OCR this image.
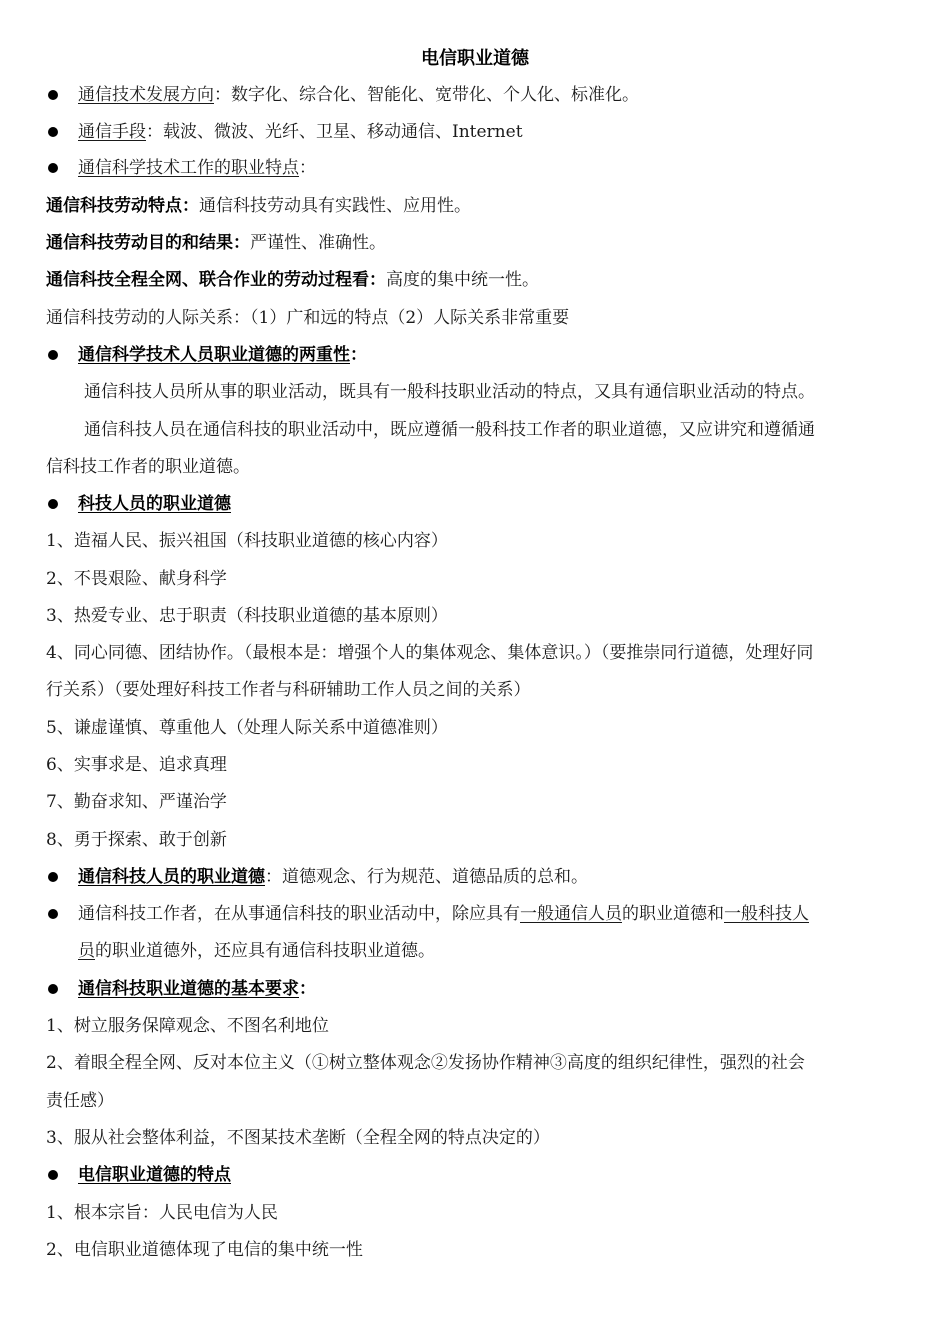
电信职业道德
通信技术发展方向：数字化、综合化、智能化、宽带化、个人化、标准化。
通信手段：载波、微波、光纤、卫星、移动通信、Internet
通信科学技术工作的职业特点：
通信科技劳动特点：通信科技劳动具有实践性、应用性。
通信科技劳动目的和结果：严谨性、准确性。
通信科技全程全网、联合作业的劳动过程看：高度的集中统一性。
通信科技劳动的人际关系：（1）广和远的特点（2）人际关系非常重要
通信科学技术人员职业道德的两重性：
通信科技人员所从事的职业活动，既具有一般科技职业活动的特点，又具有通信职业活动的特点。
通信科技人员在通信科技的职业活动中，既应遵循一般科技工作者的职业道德，又应讲究和遵循通
信科技工作者的职业道德。
科技人员的职业道德
1、造福人民、振兴祖国（科技职业道德的核心内容）
2、不畏艰险、献身科学
3、热爱专业、忠于职责（科技职业道德的基本原则）
4、同心同德、团结协作。（最根本是：增强个人的集体观念、集体意识。）（要推崇同行道德，处理好同
行关系）（要处理好科技工作者与科研辅助工作人员之间的关系）
5、谦虚谨慎、尊重他人（处理人际关系中道德准则）
6、实事求是、追求真理
7、勤奋求知、严谨治学
8、勇于探索、敢于创新
通信科技人员的职业道德：道德观念、行为规范、道德品质的总和。
通信科技工作者，在从事通信科技的职业活动中，除应具有一般通信人员的职业道德和一般科技人
员的职业道德外，还应具有通信科技职业道德。
通信科技职业道德的基本要求：
1、树立服务保障观念、不图名利地位
2、着眼全程全网、反对本位主义（①树立整体观念②发扬协作精神③高度的组织纪律性，强烈的社会
责任感）
3、服从社会整体利益，不图某技术垄断（全程全网的特点决定的）
电信职业道德的特点
1、根本宗旨：人民电信为人民
2、电信职业道德体现了电信的集中统一性
